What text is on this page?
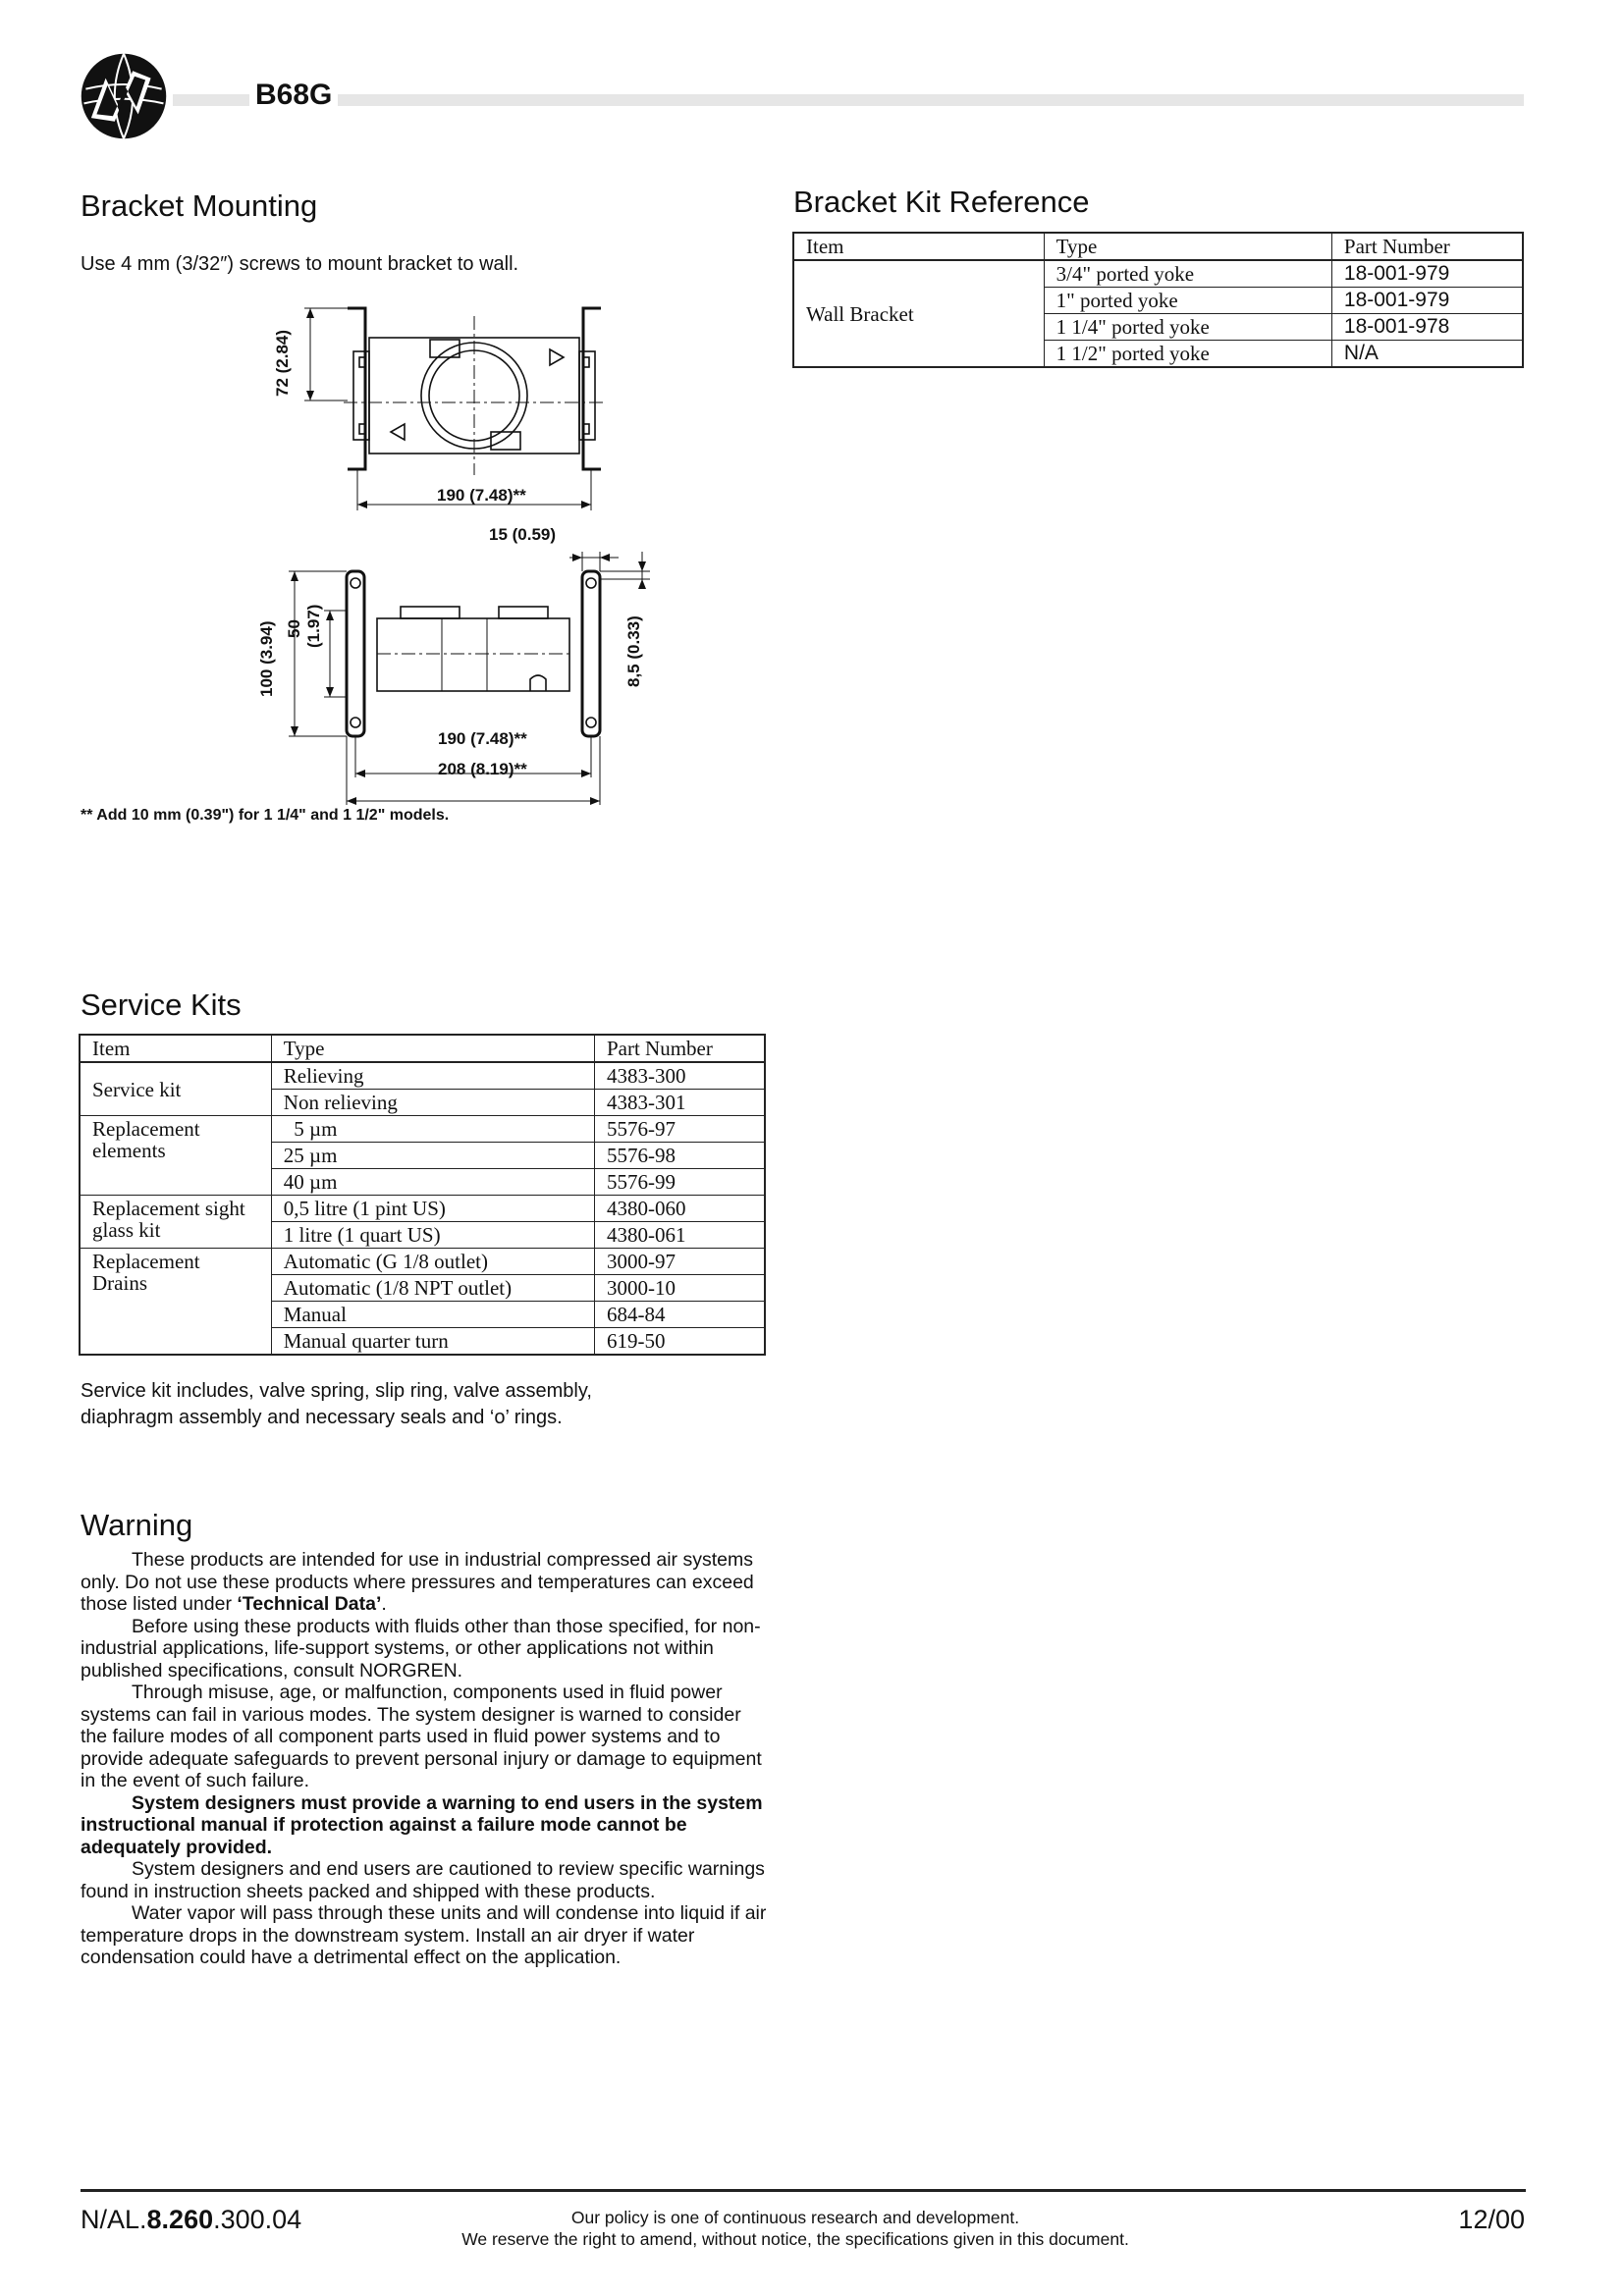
B68G
Bracket Mounting
Use 4 mm (3/32″) screws to mount bracket to wall.
72 (2.84)
190 (7.48)**
15 (0.59)
100 (3.94) 50 (1.97)	8,5 (0.33)
190 (7.48)**
208 (8.19)**
** Add 10 mm (0.39") for 1 1/4" and 1 1/2" models.
Bracket Kit Reference
Item	Type	Part Number
Wall Bracket	3/4" ported yoke	18-001-979
	1" ported yoke	18-001-979
	1 1/4" ported yoke	18-001-978
	1 1/2" ported yoke	N/A
Service Kits
Item	Type	Part Number
Service kit	Relieving	4383-300
	Non relieving	4383-301
Replacement elements	5 µm	5576-97
	25 µm	5576-98
	40 µm	5576-99
Replacement sight glass kit	0,5 litre (1 pint US)	4380-060
	1 litre (1 quart US)	4380-061
Replacement Drains	Automatic (G 1/8 outlet)	3000-97
	Automatic (1/8 NPT outlet)	3000-10
	Manual	684-84
	Manual quarter turn	619-50
Service kit includes, valve spring, slip ring, valve assembly,
diaphragm assembly and necessary seals and ‘o’ rings.
Warning

These products are intended for use in industrial compressed air systems only. Do not use these products where pressures and temperatures can exceed those listed under ‘Technical Data’.

Before using these products with fluids other than those specified, for non-industrial applications, life-support systems, or other applications not within published specifications, consult NORGREN.

Through misuse, age, or malfunction, components used in fluid power systems can fail in various modes. The system designer is warned to consider the failure modes of all component parts used in fluid power systems and to provide adequate safeguards to prevent personal injury or damage to equipment in the event of such failure.

System designers must provide a warning to end users in the system instructional manual if protection against a failure mode cannot be adequately provided.

System designers and end users are cautioned to review specific warnings found in instruction sheets packed and shipped with these products.

Water vapor will pass through these units and will condense into liquid if air temperature drops in the downstream system. Install an air dryer if water condensation could have a detrimental effect on the application.

N/AL.8.260.300.04	Our policy is one of continuous research and development.
We reserve the right to amend, without notice, the specifications given in this document.
12/00
